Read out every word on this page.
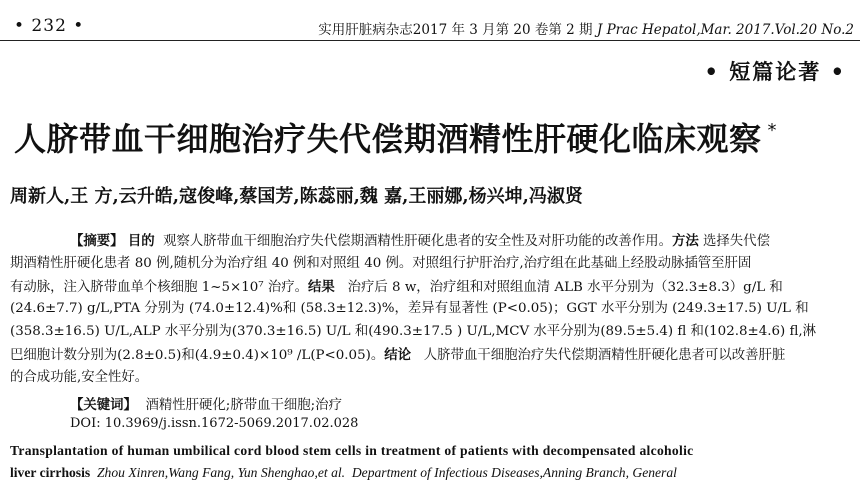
• 232 •	实用肝脏病杂志2017 年 3 月第 20 卷第 2 期 J Prac Hepatol,Mar. 2017.Vol.20 No.2
• 短篇论著 •
人脐带血干细胞治疗失代偿期酒精性肝硬化临床观察 *
周新人,王 方,云升皓,寇俊峰,蔡国芳,陈蕊丽,魏 嘉,王丽娜,杨兴坤,冯淑贤
【摘要】 目的 观察人脐带血干细胞治疗失代偿期酒精性肝硬化患者的安全性及对肝功能的改善作用。方法 选择失代偿
期酒精性肝硬化患者 80 例,随机分为治疗组 40 例和对照组 40 例。对照组行护肝治疗,治疗组在此基础上经股动脉插管至肝固
有动脉，注入脐带血单个核细胞 1~5×10⁷ 治疗。结果 治疗后 8 w，治疗组和对照组血清 ALB 水平分别为（32.3±8.3）g/L 和
(24.6±7.7) g/L,PTA 分别为 (74.0±12.4)%和 (58.3±12.3)%，差异有显著性 (P<0.05)；GGT 水平分别为 (249.3±17.5) U/L 和
(358.3±16.5) U/L,ALP 水平分别为(370.3±16.5) U/L 和(490.3±17.5 ) U/L,MCV 水平分别为(89.5±5.4) fl 和(102.8±4.6) fl,淋
巴细胞计数分别为(2.8±0.5)和(4.9±0.4)×10⁹ /L(P<0.05)。结论 人脐带血干细胞治疗失代偿期酒精性肝硬化患者可以改善肝脏
的合成功能,安全性好。
【关键词】 酒精性肝硬化;脐带血干细胞;治疗
DOI: 10.3969/j.issn.1672-5069.2017.02.028
Transplantation of human umbilical cord blood stem cells in treatment of patients with decompensated alcoholic
liver cirrhosis Zhou Xinren,Wang Fang, Yun Shenghao,et al. Department of Infectious Diseases,Anning Branch, General
